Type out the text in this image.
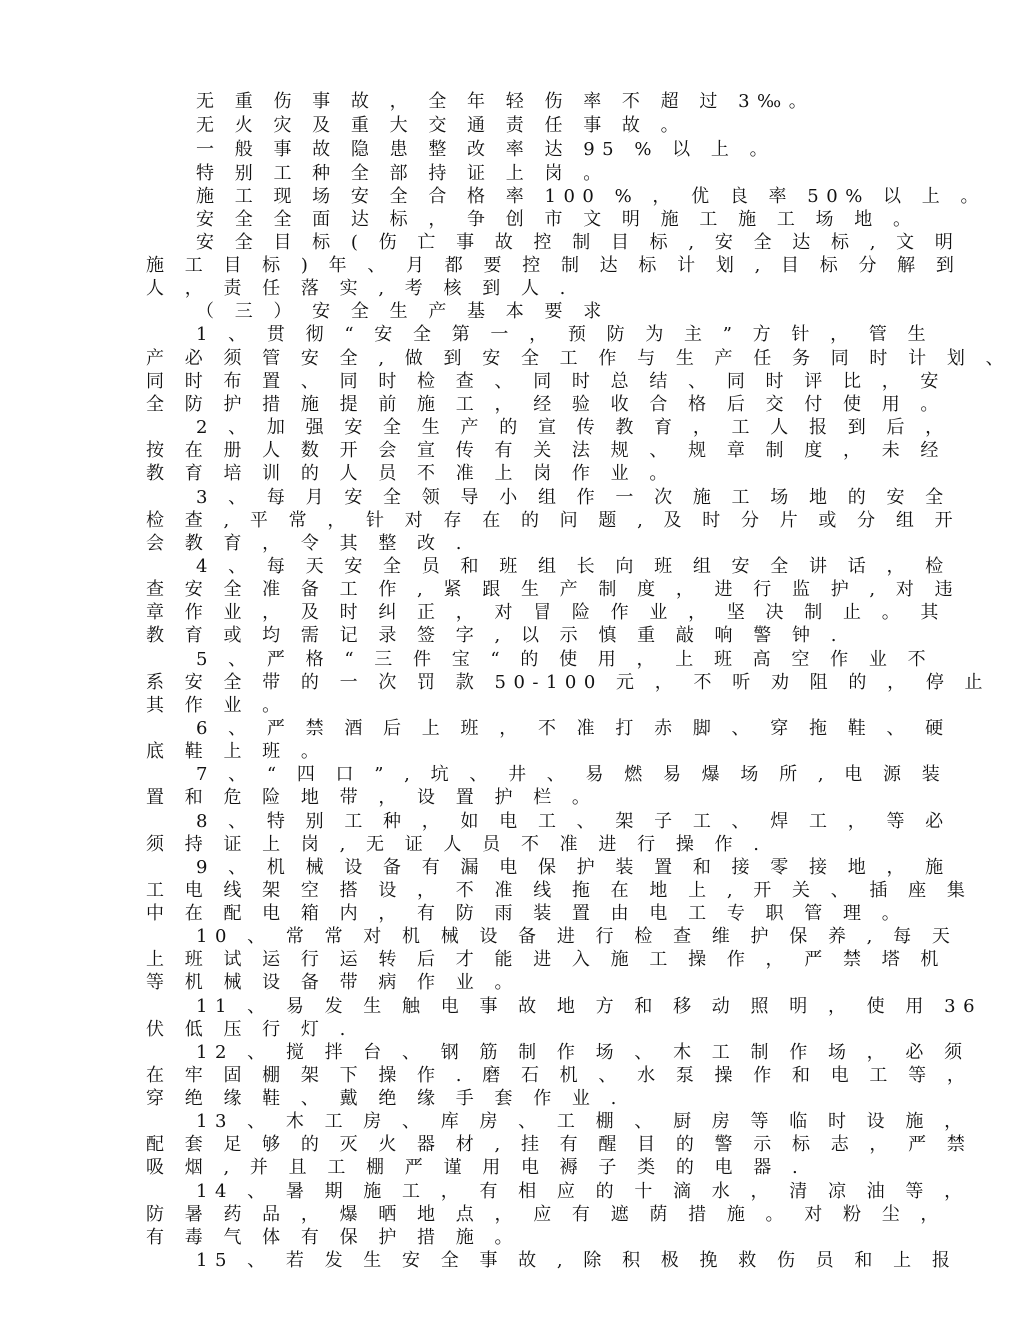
无 重 伤 事 故 ， 全 年 轻 伤 率 不 超 过 3‰。
无 火 灾 及 重 大 交 通 责 任 事 故 。
一 般 事 故 隐 患 整 改 率 达 95 % 以 上 。
特 别 工 种 全 部 持 证 上 岗 。
施 工 现 场 安 全 合 格 率 100 % ， 优 良 率 50% 以 上 。
安 全 全 面 达 标 ， 争 创 市 文 明 施 工 施 工 场 地 。
安 全 目 标 ( 伤 亡 事 故 控 制 目 标 , 安 全 达 标 , 文 明
施 工 目 标 ) 年 、 月 都 要 控 制 达 标 计 划 , 目 标 分 解 到
人 ， 责 任 落 实 , 考 核 到 人 .
（ 三 ） 安 全 生 产 基 本 要 求
1 、 贯 彻 “ 安 全 第 一 ， 预 防 为 主 ” 方 针 ， 管 生
产 必 须 管 安 全 , 做 到 安 全 工 作 与 生 产 任 务 同 时 计 划 、
同 时 布 置 、 同 时 检 查 、 同 时 总 结 、 同 时 评 比 ， 安
全 防 护 措 施 提 前 施 工 ， 经 验 收 合 格 后 交 付 使 用 。
2 、 加 强 安 全 生 产 的 宣 传 教 育 ， 工 人 报 到 后 ，
按 在 册 人 数 开 会 宣 传 有 关 法 规 、 规 章 制 度 ， 未 经
教 育 培 训 的 人 员 不 准 上 岗 作 业 。
3 、 每 月 安 全 领 导 小 组 作 一 次 施 工 场 地 的 安 全
检 查 , 平 常 ， 针 对 存 在 的 问 题 , 及 时 分 片 或 分 组 开
会 教 育 ， 令 其 整 改 .
4 、 每 天 安 全 员 和 班 组 长 向 班 组 安 全 讲 话 ， 检
查 安 全 准 备 工 作 , 紧 跟 生 产 制 度 ， 进 行 监 护 , 对 违
章 作 业 ， 及 时 纠 正 ， 对 冒 险 作 业 ， 坚 决 制 止 。 其
教 育 或 均 需 记 录 签 字 , 以 示 慎 重 敲 响 警 钟 .
5 、 严 格 “ 三 件 宝 “ 的 使 用 ， 上 班 高 空 作 业 不
系 安 全 带 的 一 次 罚 款 50-100 元 ， 不 听 劝 阻 的 ， 停 止
其 作 业 。
6 、 严 禁 酒 后 上 班 ， 不 准 打 赤 脚 、 穿 拖 鞋 、 硬
底 鞋 上 班 。
7 、 “ 四 口 ” , 坑 、 井 、 易 燃 易 爆 场 所 , 电 源 装
置 和 危 险 地 带 ， 设 置 护 栏 。
8 、 特 别 工 种 ， 如 电 工 、 架 子 工 、 焊 工 ， 等 必
须 持 证 上 岗 , 无 证 人 员 不 准 进 行 操 作 .
9 、 机 械 设 备 有 漏 电 保 护 装 置 和 接 零 接 地 ， 施
工 电 线 架 空 搭 设 ， 不 准 线 拖 在 地 上 , 开 关 、 插 座 集
中 在 配 电 箱 内 ， 有 防 雨 装 置 由 电 工 专 职 管 理 。
10 、 常 常 对 机 械 设 备 进 行 检 查 维 护 保 养 , 每 天
上 班 试 运 行 运 转 后 才 能 进 入 施 工 操 作 ， 严 禁 塔 机
等 机 械 设 备 带 病 作 业 。
11 、 易 发 生 触 电 事 故 地 方 和 移 动 照 明 ， 使 用 36
伏 低 压 行 灯 .
12 、 搅 拌 台 、 钢 筋 制 作 场 、 木 工 制 作 场 ， 必 须
在 牢 固 棚 架 下 操 作 . 磨 石 机 、 水 泵 操 作 和 电 工 等 ，
穿 绝 缘 鞋 、 戴 绝 缘 手 套 作 业 .
13 、 木 工 房 、 库 房 、 工 棚 、 厨 房 等 临 时 设 施 ，
配 套 足 够 的 灭 火 器 材 , 挂 有 醒 目 的 警 示 标 志 ， 严 禁
吸 烟 , 并 且 工 棚 严 谨 用 电 褥 子 类 的 电 器 .
14 、 暑 期 施 工 ， 有 相 应 的 十 滴 水 ， 清 凉 油 等 ，
防 暑 药 品 ， 爆 晒 地 点 ， 应 有 遮 荫 措 施 。 对 粉 尘 ，
有 毒 气 体 有 保 护 措 施 。
15 、 若 发 生 安 全 事 故 , 除 积 极 挽 救 伤 员 和 上 报
